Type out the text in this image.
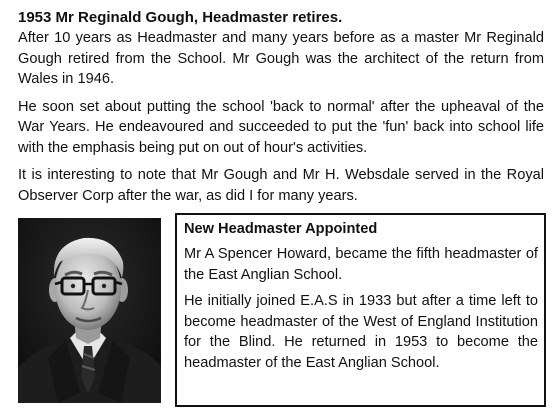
1953 Mr Reginald Gough, Headmaster retires.

After 10 years as Headmaster and many years before as a master Mr Reginald Gough retired from the School. Mr Gough was the architect of the return from Wales in 1946.

He soon set about putting the school 'back to normal' after the upheaval of the War Years. He endeavoured and succeeded to put the 'fun' back into school life with the emphasis being put on out of hour's activities.

It is interesting to note that Mr Gough and Mr H. Websdale served in the Royal Observer Corp after the war, as did I for many years.

New Headmaster Appointed

Mr A Spencer Howard, became the fifth headmaster of the East Anglian School.

He initially joined E.A.S in 1933 but after a time left to become headmaster of the West of England Institution for the Blind. He returned in 1953 to become the headmaster of the East Anglian School.
